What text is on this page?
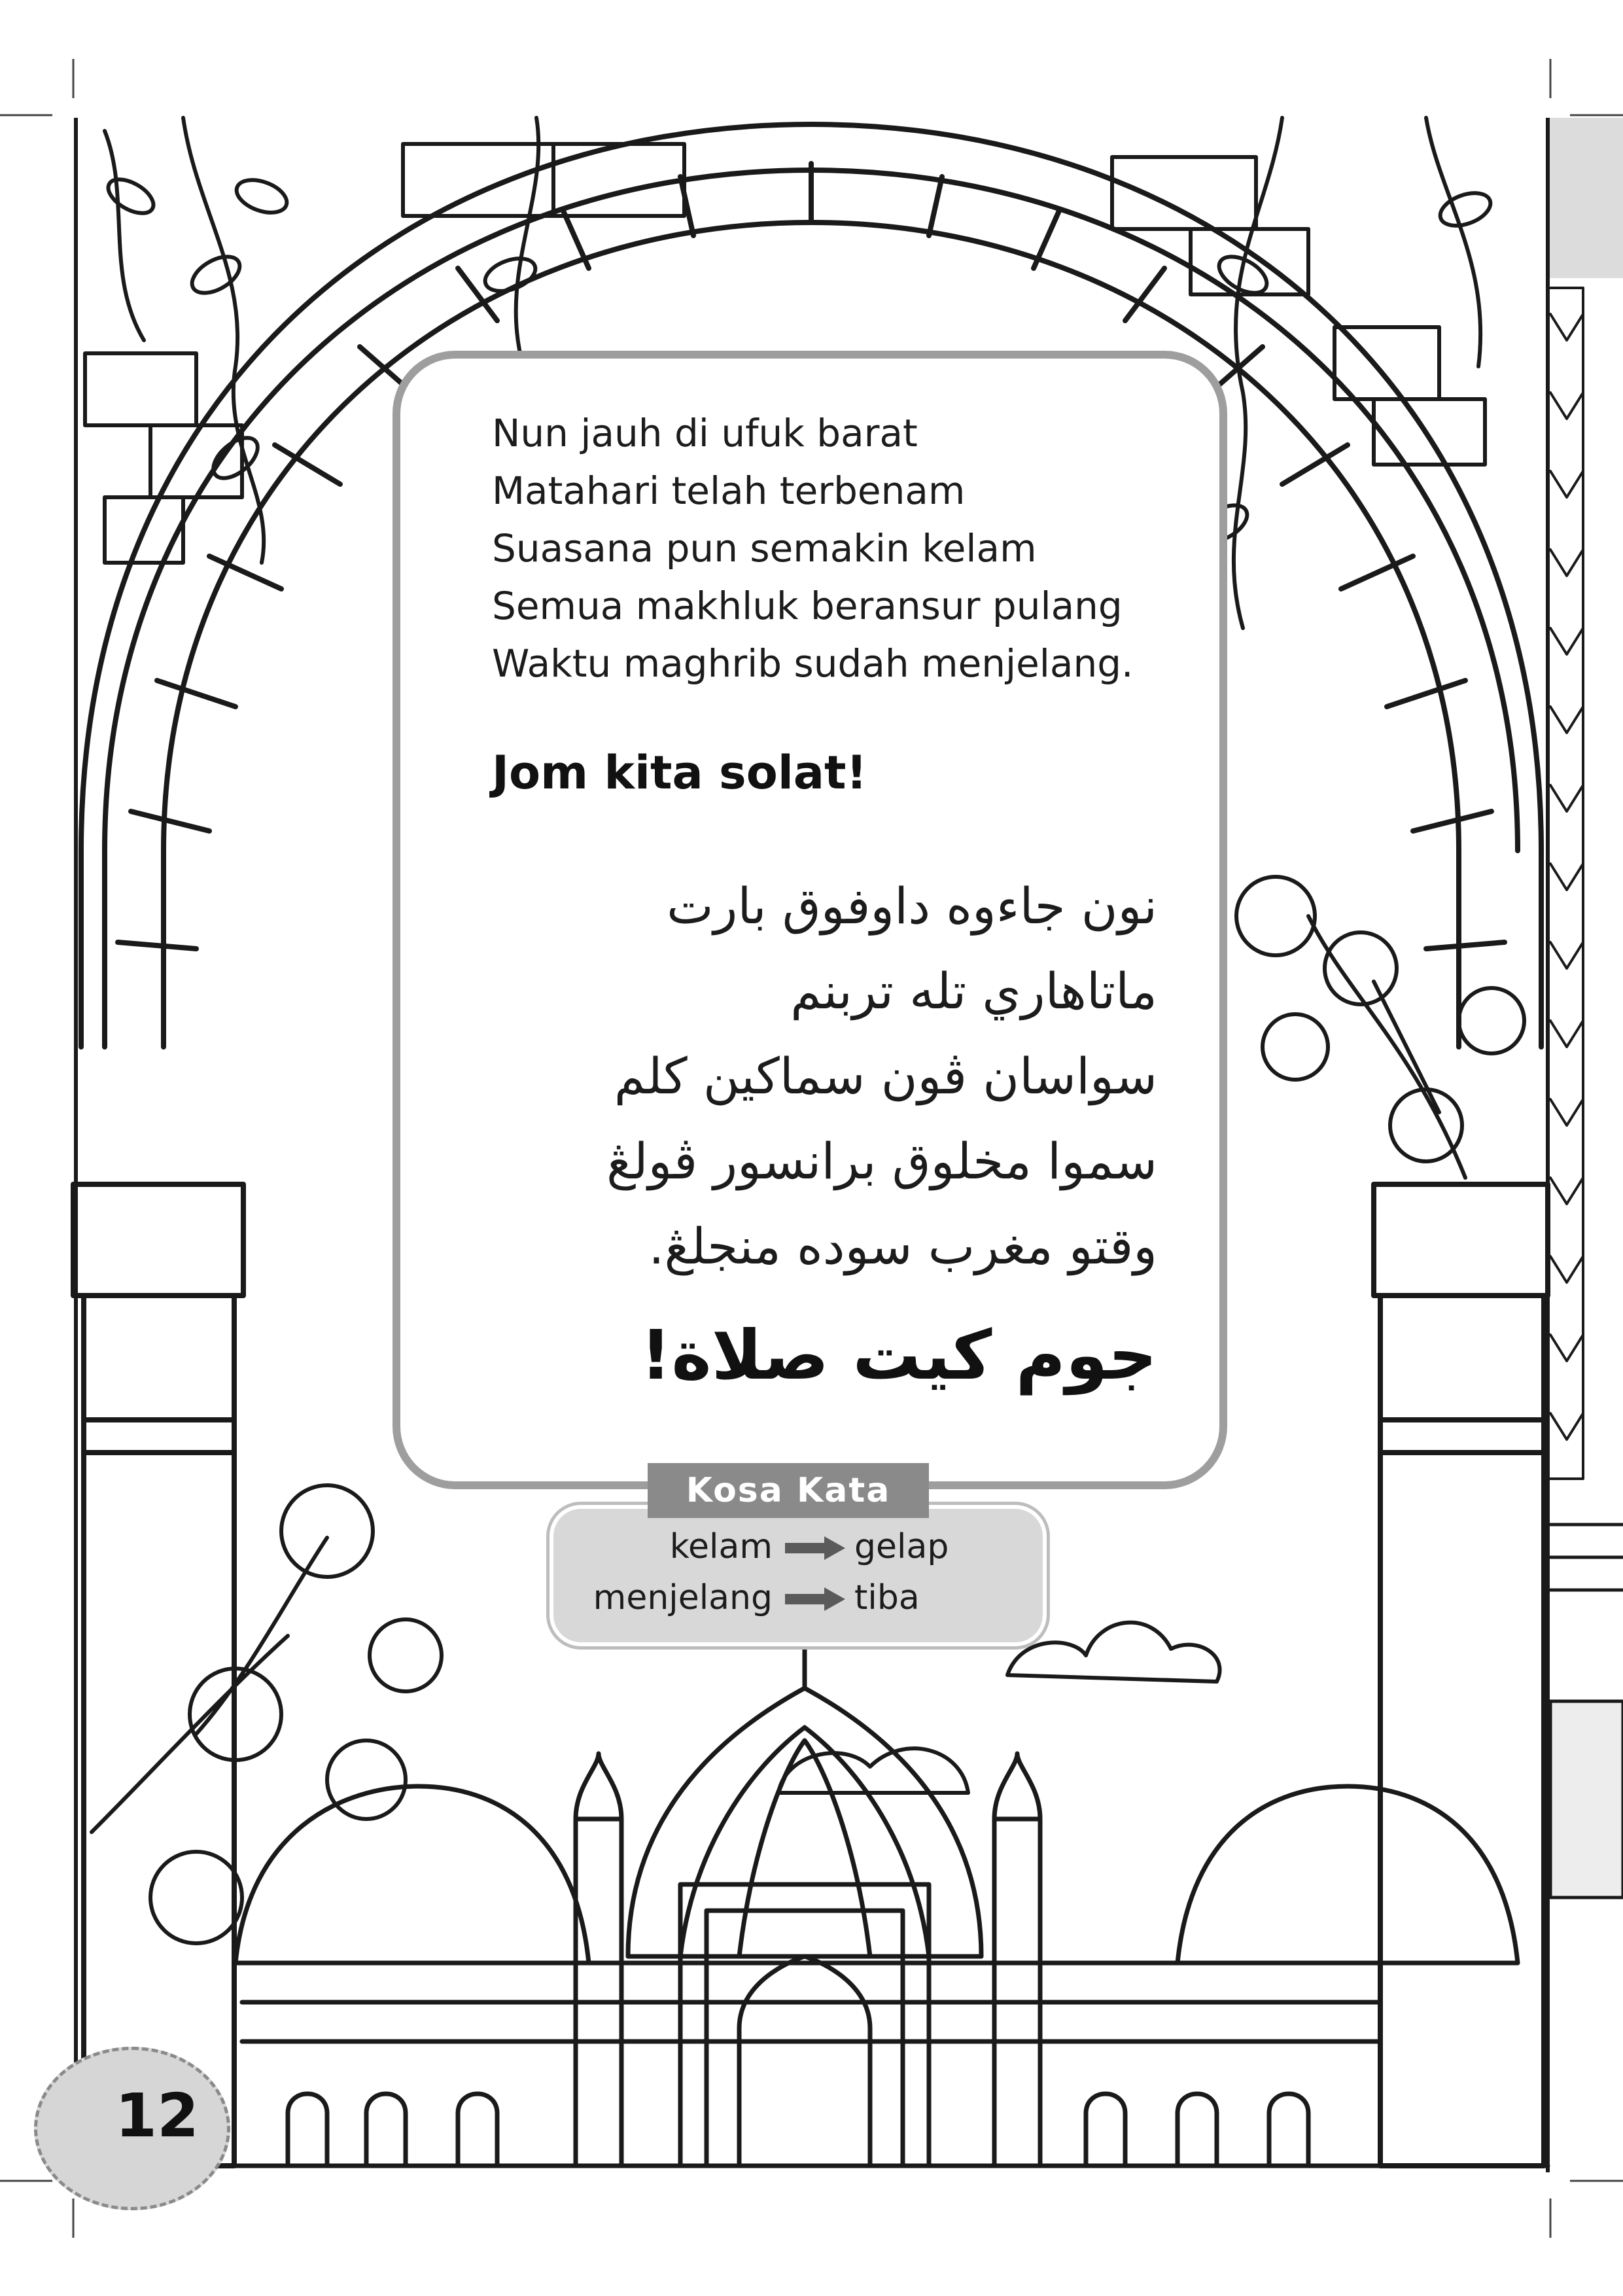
Nun jauh di ufuk barat
Matahari telah terbenam
Suasana pun semakin kelam
Semua makhluk beransur pulang
Waktu maghrib sudah menjelang.
Jom kita solat!
نون جاءوه داوفوق بارت
ماتاهاري تله تربنم
سواسان ڤون سماكين كلم
سموا مخلوق برانسور ڤولڠ
وقتو مغرب سوده منجلڠ.
جوم كيت صلاة!
Kosa Kata
kelam gelap
menjelang tiba
12
